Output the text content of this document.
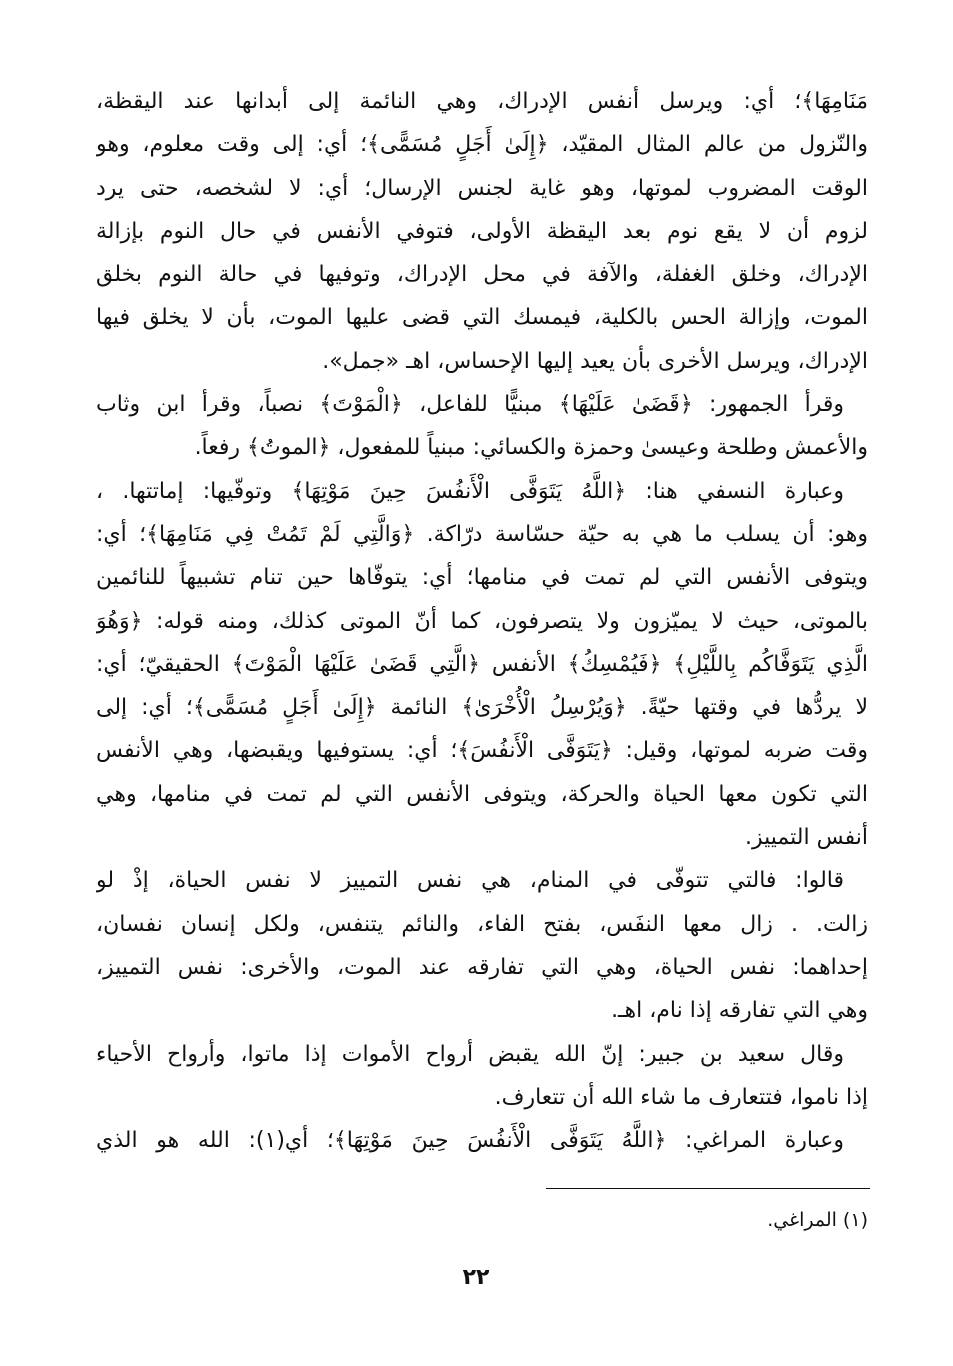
مَنَامِهَا﴾؛ أي: ويرسل أنفس الإدراك، وهي النائمة إلى أبدانها عند اليقظة،
والنّزول من عالم المثال المقيّد، ﴿إِلَىٰ أَجَلٍ مُسَمًّى﴾؛ أي: إلى وقت معلوم، وهو
الوقت المضروب لموتها، وهو غاية لجنس الإرسال؛ أي: لا لشخصه، حتى يرد
لزوم أن لا يقع نوم بعد اليقظة الأولى، فتوفي الأنفس في حال النوم بإزالة
الإدراك، وخلق الغفلة، والآفة في محل الإدراك، وتوفيها في حالة النوم بخلق
الموت، وإزالة الحس بالكلية، فيمسك التي قضى عليها الموت، بأن لا يخلق فيها
الإدراك، ويرسل الأخرى بأن يعيد إليها الإحساس، اهـ «جمل».
وقرأ الجمهور: ﴿قَضَىٰ عَلَيْهَا﴾ مبنيًّا للفاعل، ﴿الْمَوْتَ﴾ نصباً، وقرأ ابن وثاب
والأعمش وطلحة وعيسىٰ وحمزة والكسائي: مبنياً للمفعول، ﴿الموتُ﴾ رفعاً.
وعبارة النسفي هنا: ﴿اللَّهُ يَتَوَفَّى الْأَنفُسَ حِينَ مَوْتِهَا﴾ وتوفّيها: إماتتها. ،
وهو: أن يسلب ما هي به حيّة حسّاسة درّاكة. ﴿وَالَّتِي لَمْ تَمُتْ فِي مَنَامِهَا﴾؛ أي:
ويتوفى الأنفس التي لم تمت في منامها؛ أي: يتوفّاها حين تنام تشبيهاً للنائمين
بالموتى، حيث لا يميّزون ولا يتصرفون، كما أنّ الموتى كذلك، ومنه قوله: ﴿وَهُوَ
الَّذِي يَتَوَفَّاكُم بِاللَّيْلِ﴾ ﴿فَيُمْسِكُ﴾ الأنفس ﴿الَّتِي قَضَىٰ عَلَيْهَا الْمَوْتَ﴾ الحقيقيّ؛ أي:
لا يردُّها في وقتها حيّةً. ﴿وَيُرْسِلُ الْأُخْرَىٰ﴾ النائمة ﴿إِلَىٰ أَجَلٍ مُسَمًّى﴾؛ أي: إلى
وقت ضربه لموتها، وقيل: ﴿يَتَوَفَّى الْأَنفُسَ﴾؛ أي: يستوفيها ويقبضها، وهي الأنفس
التي تكون معها الحياة والحركة، ويتوفى الأنفس التي لم تمت في منامها، وهي
أنفس التمييز.
قالوا: فالتي تتوفّى في المنام، هي نفس التمييز لا نفس الحياة، إذْ لو
زالت. . زال معها النفَس، بفتح الفاء، والنائم يتنفس، ولكل إنسان نفسان،
إحداهما: نفس الحياة، وهي التي تفارقه عند الموت، والأخرى: نفس التمييز،
وهي التي تفارقه إذا نام، اهـ.
وقال سعيد بن جبير: إنّ الله يقبض أرواح الأموات إذا ماتوا، وأرواح الأحياء
إذا ناموا، فتتعارف ما شاء الله أن تتعارف.
وعبارة المراغي: ﴿اللَّهُ يَتَوَفَّى الْأَنفُسَ حِينَ مَوْتِهَا﴾؛ أي(١): الله هو الذي
(١) المراغي.
٢٢
